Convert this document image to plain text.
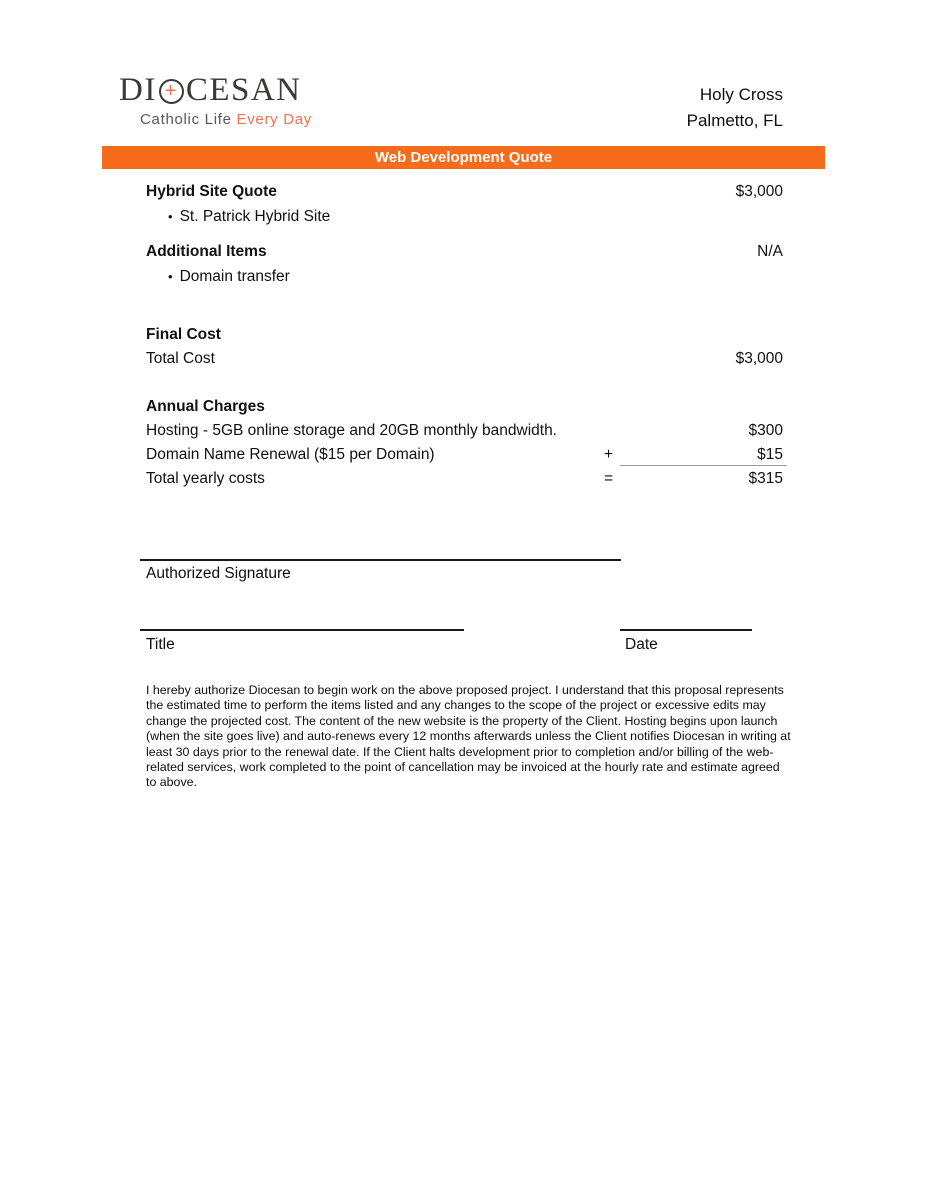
DI + CESAN
Catholic Life Every Day
Holy Cross
Palmetto, FL
Web Development Quote
Hybrid Site Quote	$3,000
• St. Patrick Hybrid Site
Additional Items	N/A
• Domain transfer
Final Cost
Total Cost	$3,000
Annual Charges
Hosting - 5GB online storage and 20GB monthly bandwidth.	$300
Domain Name Renewal ($15 per Domain)	+	$15
Total yearly costs	=	$315
Authorized Signature
Title	Date
I hereby authorize Diocesan to begin work on the above proposed project. I understand that this proposal represents the estimated time to perform the items listed and any changes to the scope of the project or excessive edits may change the projected cost. The content of the new website is the property of the Client. Hosting begins upon launch (when the site goes live) and auto-renews every 12 months afterwards unless the Client notifies Diocesan in writing at least 30 days prior to the renewal date. If the Client halts development prior to completion and/or billing of the web-related services, work completed to the point of cancellation may be invoiced at the hourly rate and estimate agreed to above.
